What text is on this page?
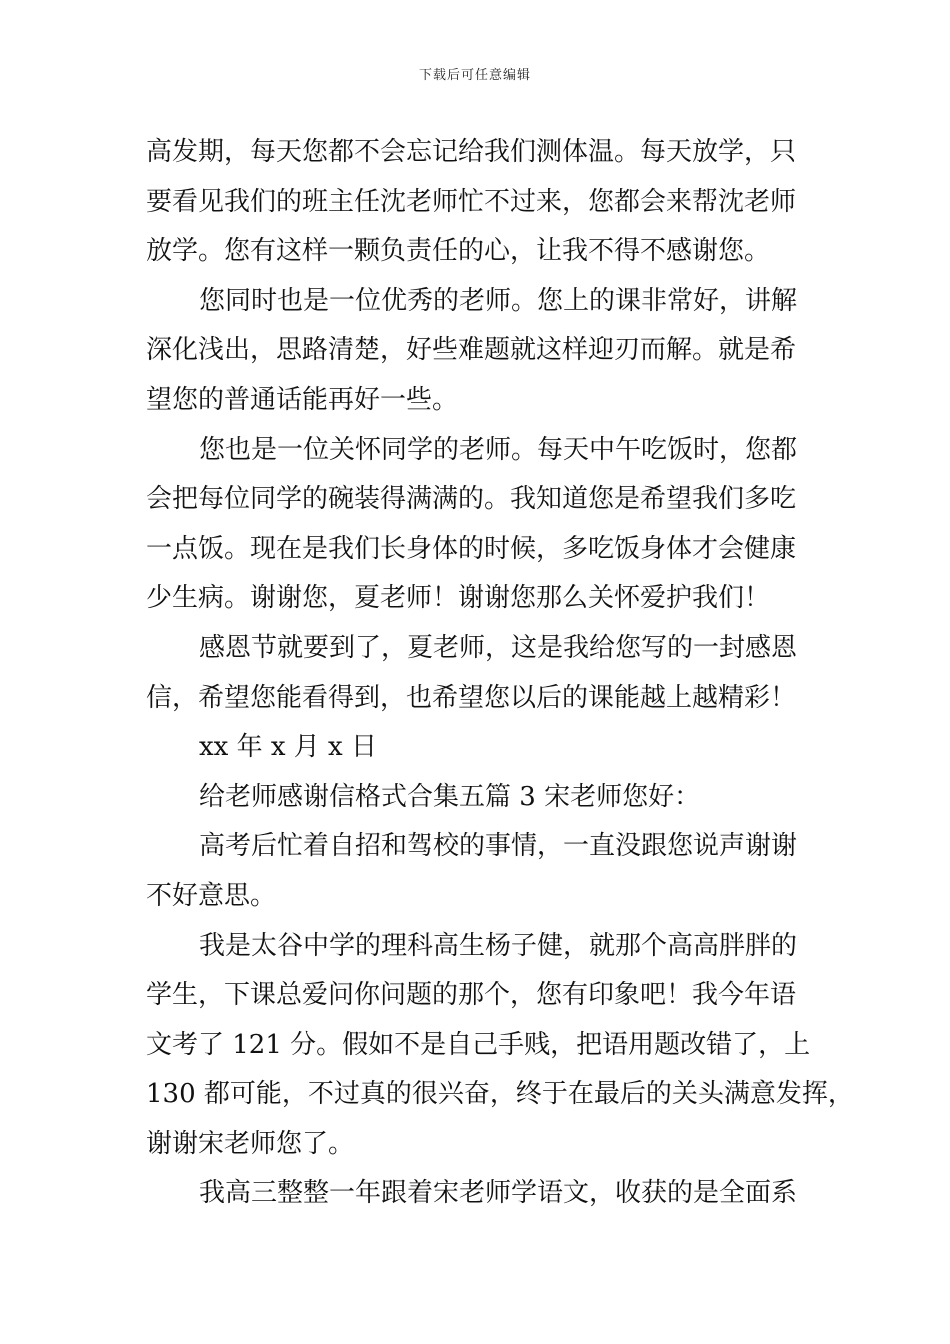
下载后可任意编辑
高发期，每天您都不会忘记给我们测体温。每天放学，只
要看见我们的班主任沈老师忙不过来，您都会来帮沈老师
放学。您有这样一颗负责任的心，让我不得不感谢您。
您同时也是一位优秀的老师。您上的课非常好，讲解
深化浅出，思路清楚，好些难题就这样迎刃而解。就是希
望您的普通话能再好一些。
您也是一位关怀同学的老师。每天中午吃饭时，您都
会把每位同学的碗装得满满的。我知道您是希望我们多吃
一点饭。现在是我们长身体的时候，多吃饭身体才会健康
少生病。谢谢您，夏老师！谢谢您那么关怀爱护我们！
感恩节就要到了，夏老师，这是我给您写的一封感恩
信，希望您能看得到，也希望您以后的课能越上越精彩！
xx 年 x 月 x 日
给老师感谢信格式合集五篇 3 宋老师您好：
高考后忙着自招和驾校的事情，一直没跟您说声谢谢
不好意思。
我是太谷中学的理科高生杨子健，就那个高高胖胖的
学生，下课总爱问你问题的那个，您有印象吧！我今年语
文考了 121 分。假如不是自己手贱，把语用题改错了，上
130 都可能，不过真的很兴奋，终于在最后的关头满意发挥，
谢谢宋老师您了。
我高三整整一年跟着宋老师学语文，收获的是全面系
